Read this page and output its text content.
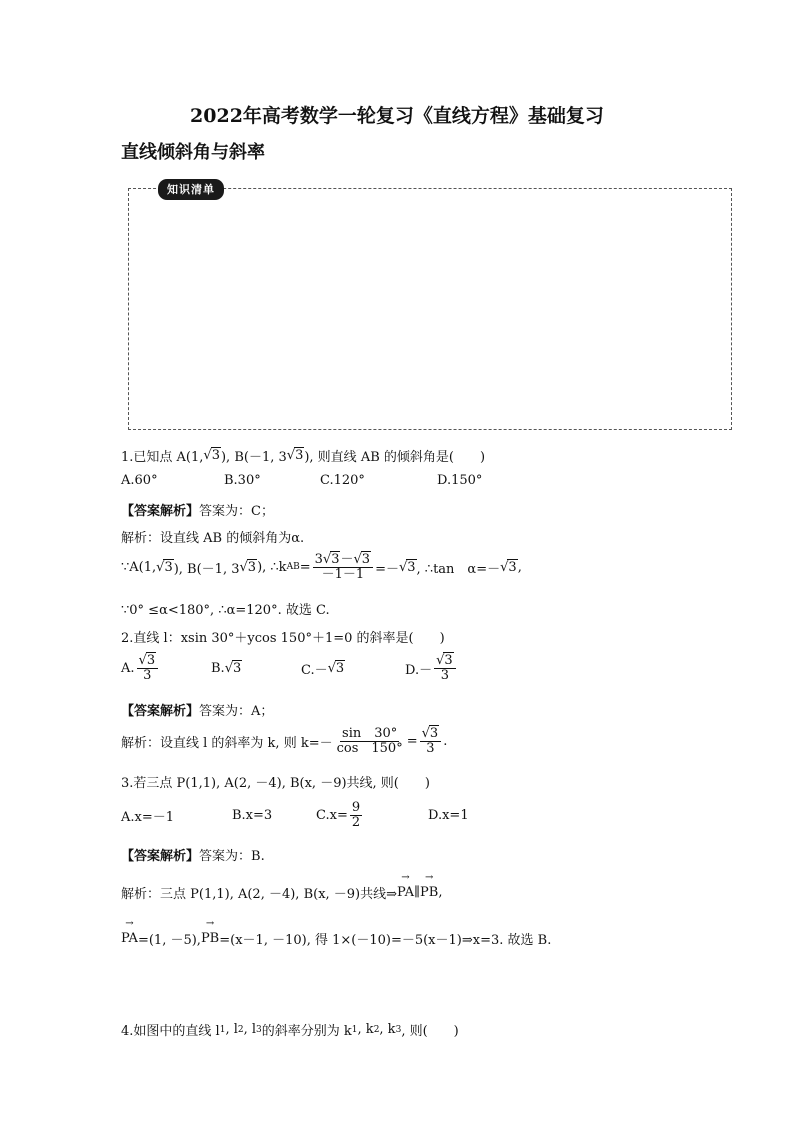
2022年高考数学一轮复习《直线方程》基础复习
直线倾斜角与斜率
知识清单
1.已知点 A(1, √3 ), B(－1, 3 √3 ), 则直线 AB 的倾斜角是(　　)
A.60°	B.30°	C.120°	D.150°
【答案解析】 答案为：C；
解析：设直线 AB 的倾斜角为α.
∵A(1, √3 ), B(－1, 3 √3 ), ∴k AB = $\frac{3√3-√3}{-1-1} =- √3$ , ∴tan　α=－ √3 ,
∵0° ≤α<180°, ∴α=120°. 故选 C.
2.直线 l：xsin 30°＋ycos 150°＋1=0 的斜率是(　　)
A. $\frac{√3}{3}$	B. √3	C.－ √3	$D.- \frac{√3}{3}$
【答案解析】 答案为：A；
解析：设直线 l 的斜率为 k, 则 $k=- \frac{\sin 30^\circ}{\cos 150^\circ} = \frac{√3}{3}$ .
3.若三点 P(1,1), A(2, －4), B(x, －9)共线, 则(　　)
A.x=－1	B.x=3	$C.x= \frac{9}{2}$	D.x=1
【答案解析】 答案为：B.
解析：三点 P(1,1), A(2, －4), B(x, －9)共线⇒ → PA ∥ → PB ,
→ PA =(1, －5), → PB =(x－1, －10), 得 1×(－10)=－5(x－1)⇒x=3. 故选 B.
4.如图中的直线 l 1 , l 2 , l 3 的斜率分别为 k 1 , k 2 , k 3 , 则(　　)
